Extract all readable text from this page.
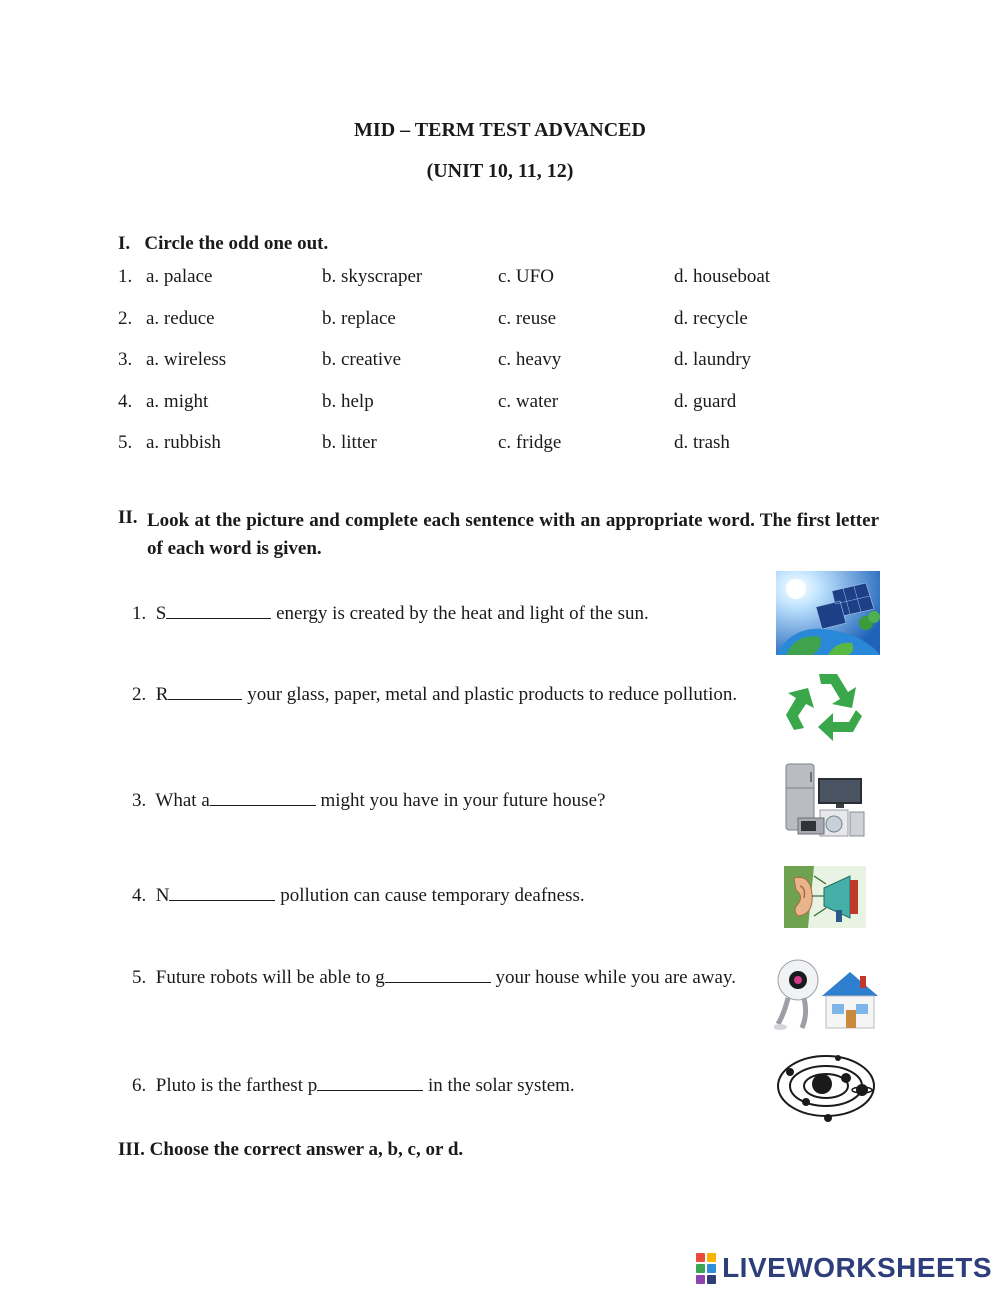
MID – TERM TEST ADVANCED
(UNIT 10, 11, 12)
I.   Circle the odd one out.
1. a. palace	b. skyscraper	c. UFO	d. houseboat
2. a. reduce	b. replace	c. reuse	d. recycle
3. a. wireless	b. creative	c. heavy	d. laundry
4. a. might	b. help	c. water	d. guard
5. a. rubbish	b. litter	c. fridge	d. trash
II. Look at the picture and complete each sentence with an appropriate word. The first letter of each word is given.
1. S	energy is created by the heat and light of the sun.
2. R	your glass, paper, metal and plastic products to reduce pollution.
3. What a	might you have in your future house?
4. N	pollution can cause temporary deafness.
5. Future robots will be able to g	your house while you are away.
6. Pluto is the farthest p	in the solar system.
III. Choose the correct answer a, b, c, or d.
LIVEWORKSHEETS
